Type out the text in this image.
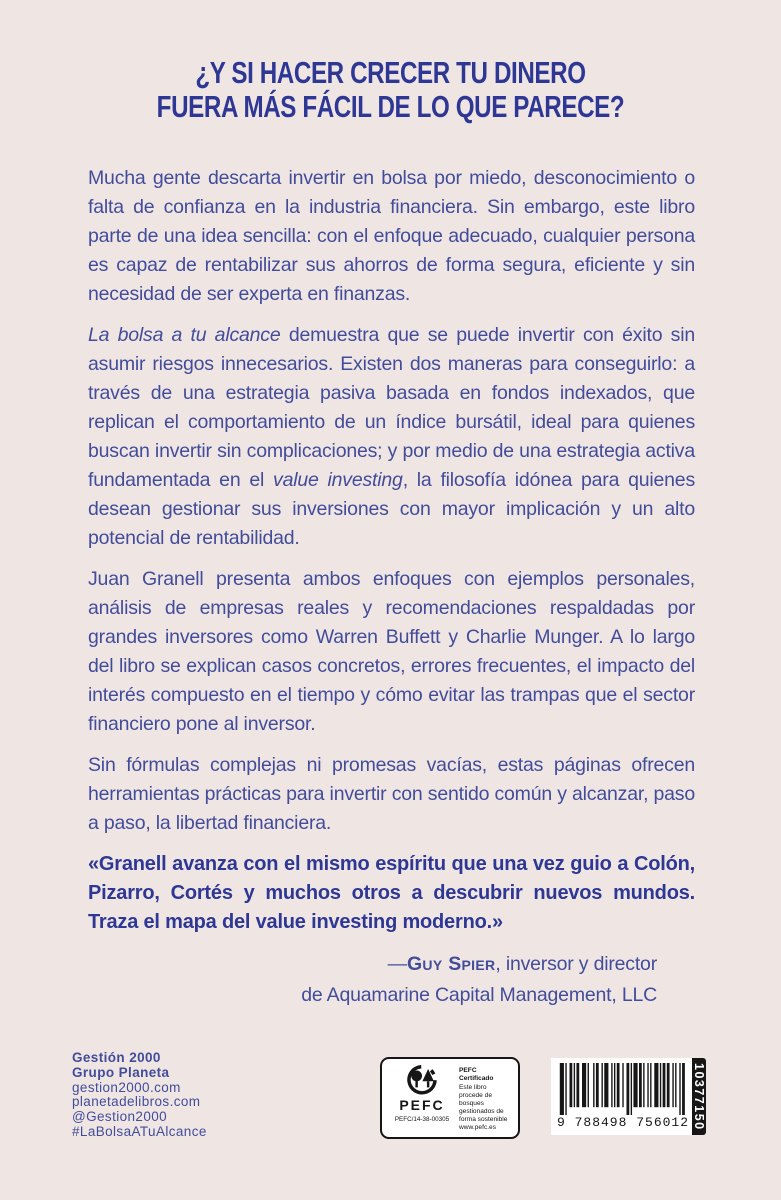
¿Y SI HACER CRECER TU DINERO
FUERA MÁS FÁCIL DE LO QUE PARECE?

Mucha gente descarta invertir en bolsa por miedo, desconocimiento o falta de confianza en la industria financiera. Sin embargo, este libro parte de una idea sencilla: con el enfoque adecuado, cualquier persona es capaz de rentabilizar sus ahorros de forma segura, eficiente y sin necesidad de ser experta en finanzas.

La bolsa a tu alcance demuestra que se puede invertir con éxito sin asumir riesgos innecesarios. Existen dos maneras para conseguirlo: a través de una estrategia pasiva basada en fondos indexados, que replican el comportamiento de un índice bursátil, ideal para quienes buscan invertir sin complicaciones; y por medio de una estrategia activa fundamentada en el value investing, la filosofía idónea para quienes desean gestionar sus inversiones con mayor implicación y un alto potencial de rentabilidad.

Juan Granell presenta ambos enfoques con ejemplos personales, análisis de empresas reales y recomendaciones respaldadas por grandes inversores como Warren Buffett y Charlie Munger. A lo largo del libro se explican casos concretos, errores frecuentes, el impacto del interés compuesto en el tiempo y cómo evitar las trampas que el sector financiero pone al inversor.

Sin fórmulas complejas ni promesas vacías, estas páginas ofrecen herramientas prácticas para invertir con sentido común y alcanzar, paso a paso, la libertad financiera.

«Granell avanza con el mismo espíritu que una vez guio a Colón, Pizarro, Cortés y muchos otros a descubrir nuevos mundos. Traza el mapa del value investing moderno.»

—Guy Spier, inversor y director
de Aquamarine Capital Management, LLC
Gestión 2000
Grupo Planeta
gestion2000.com
planetadelibros.com
@Gestion2000
#LaBolsaATuAlcance
PEFC
PEFC/14-38-00305
PEFC Certificado
Este libro procede de bosques gestionados de forma sostenible
www.pefc.es	9 788498 756012 10377150
